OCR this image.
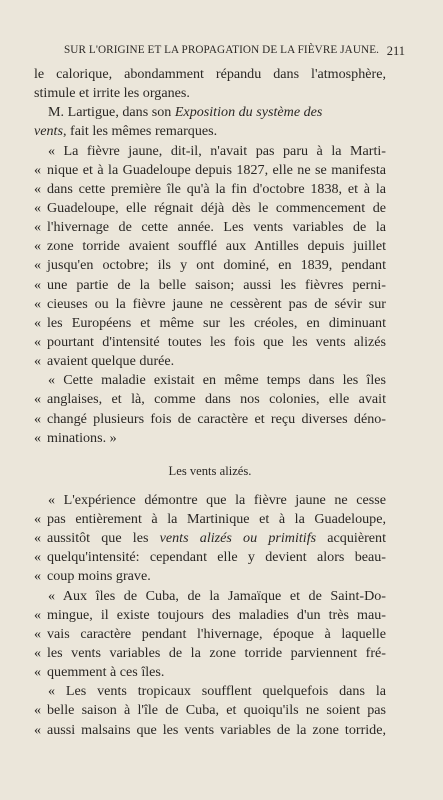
SUR L'ORIGINE ET LA PROPAGATION DE LA FIÈVRE JAUNE. 211
le calorique, abondamment répandu dans l'atmosphère,
stimule et irrite les organes.
M. Lartigue, dans son Exposition du système des
vents, fait les mêmes remarques.
« La fièvre jaune, dit-il, n'avait pas paru à la Marti-
« nique et à la Guadeloupe depuis 1827, elle ne se manifesta
« dans cette première île qu'à la fin d'octobre 1838, et à la
« Guadeloupe, elle régnait déjà dès le commencement de
« l'hivernage de cette année. Les vents variables de la
« zone torride avaient soufflé aux Antilles depuis juillet
« jusqu'en octobre; ils y ont dominé, en 1839, pendant
« une partie de la belle saison; aussi les fièvres perni-
« cieuses ou la fièvre jaune ne cessèrent pas de sévir sur
« les Européens et même sur les créoles, en diminuant
« pourtant d'intensité toutes les fois que les vents alizés
« avaient quelque durée.
« Cette maladie existait en même temps dans les îles
« anglaises, et là, comme dans nos colonies, elle avait
« changé plusieurs fois de caractère et reçu diverses déno-
« minations. »
Les vents alizés.
« L'expérience démontre que la fièvre jaune ne cesse
« pas entièrement à la Martinique et à la Guadeloupe,
« aussitôt que les vents alizés ou primitifs acquièrent
« quelqu'intensité: cependant elle y devient alors beau-
« coup moins grave.
« Aux îles de Cuba, de la Jamaïque et de Saint-Do-
« mingue, il existe toujours des maladies d'un très mau-
« vais caractère pendant l'hivernage, époque à laquelle
« les vents variables de la zone torride parviennent fré-
« quemment à ces îles.
« Les vents tropicaux soufflent quelquefois dans la
« belle saison à l'île de Cuba, et quoiqu'ils ne soient pas
« aussi malsains que les vents variables de la zone torride,
